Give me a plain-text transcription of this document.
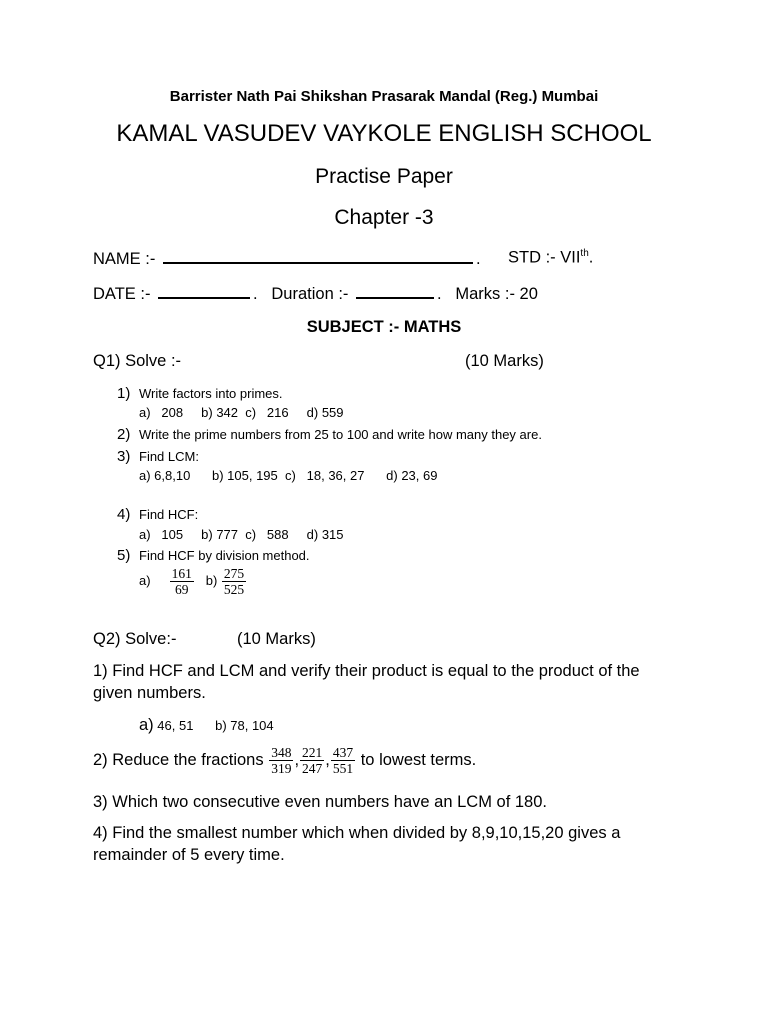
Barrister Nath Pai Shikshan Prasarak Mandal (Reg.) Mumbai
KAMAL VASUDEV VAYKOLE ENGLISH SCHOOL
Practise Paper
Chapter -3
NAME :-	. STD :- VIIth.
DATE :-	.   Duration :-	.   Marks :- 20
SUBJECT :- MATHS
Q1) Solve :-	(10 Marks)
1) Write factors into primes.
a)   208     b) 342  c)   216     d) 559
2) Write the prime numbers from 25 to 100 and write how many they are.
3) Find LCM:
a) 6,8,10      b) 105, 195  c)   18, 36, 27      d) 23, 69
4) Find HCF:
a)   105     b) 777  c)   588     d) 315
5) Find HCF by division method.
$a) \frac{161}{69} b) \frac{275}{525}$
Q2) Solve:-	(10 Marks)
1) Find HCF and LCM and verify their product is equal to the product of the
given numbers.
a) 46, 51      b) 78, 104
2) Reduce the fractions $\frac{348}{319}$ , $\frac{221}{247}$ , $\frac{437}{551}$ to lowest terms.
3) Which two consecutive even numbers have an LCM of 180.
4) Find the smallest number which when divided by 8,9,10,15,20 gives a
remainder of 5 every time.
